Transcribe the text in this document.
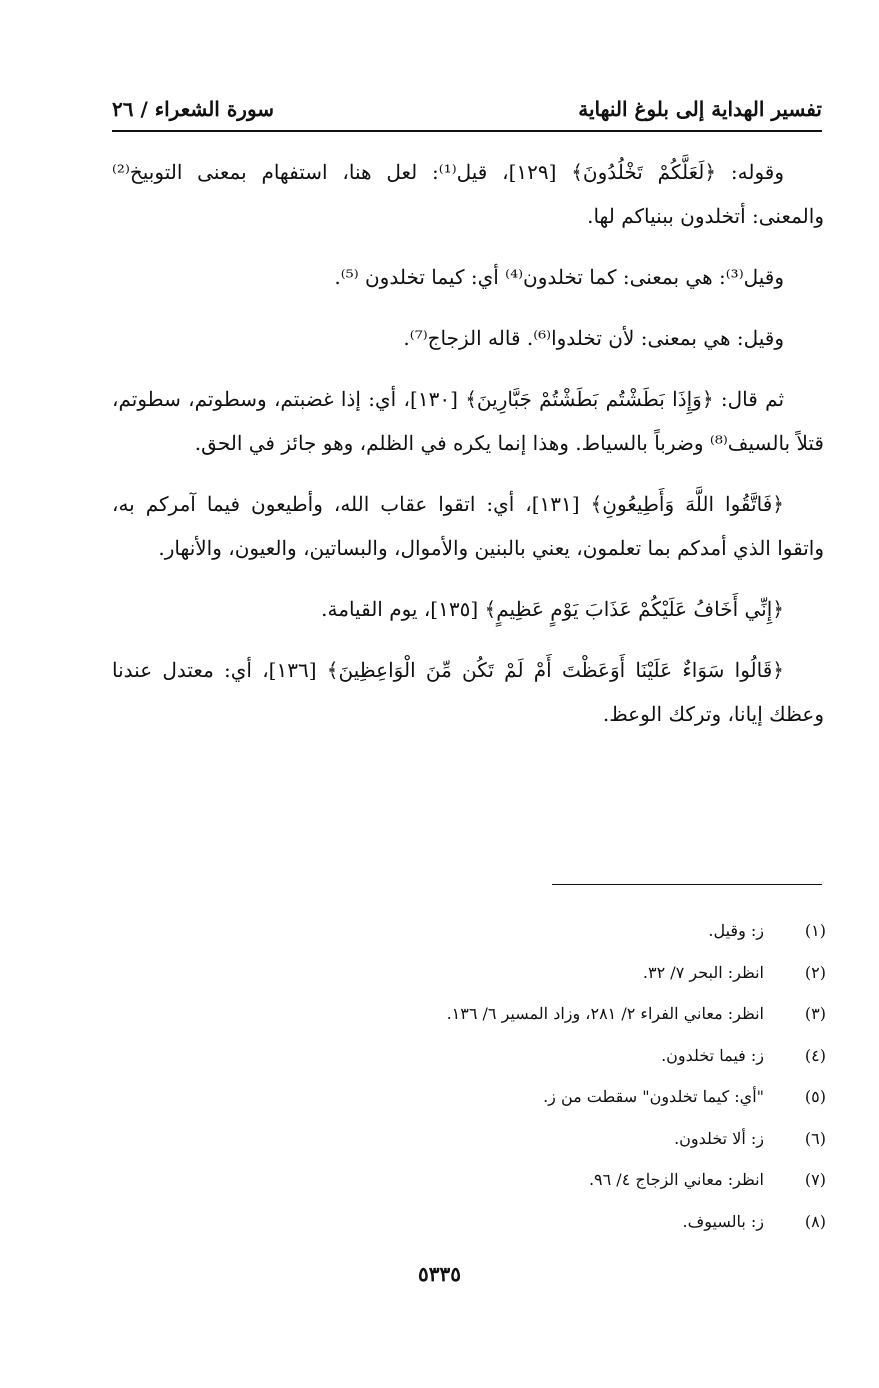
تفسير الهداية إلى بلوغ النهاية
سورة الشعراء / ٢٦

وقوله: ﴿لَعَلَّكُمْ تَخْلُدُونَ﴾ [١٢٩]، قيل⁽¹⁾: لعل هنا، استفهام بمعنى التوبيخ⁽²⁾ والمعنى: أتخلدون ببنياكم لها.

وقيل⁽³⁾: هي بمعنى: كما تخلدون⁽⁴⁾ أي: كيما تخلدون ⁽⁵⁾.

وقيل: هي بمعنى: لأن تخلدوا⁽⁶⁾. قاله الزجاج⁽⁷⁾.

ثم قال: ﴿وَإِذَا بَطَشْتُم بَطَشْتُمْ جَبَّارِينَ﴾ [١٣٠]، أي: إذا غضبتم، وسطوتم، سطوتم، قتلاً بالسيف⁽⁸⁾ وضرباً بالسياط. وهذا إنما يكره في الظلم، وهو جائز في الحق.

﴿فَاتَّقُوا اللَّهَ وَأَطِيعُونِ﴾ [١٣١]، أي: اتقوا عقاب الله، وأطيعون فيما آمركم به، واتقوا الذي أمدكم بما تعلمون، يعني بالبنين والأموال، والبساتين، والعيون، والأنهار.

﴿إِنِّي أَخَافُ عَلَيْكُمْ عَذَابَ يَوْمٍ عَظِيمٍ﴾ [١٣٥]، يوم القيامة.

﴿قَالُوا سَوَاءٌ عَلَيْنَا أَوَعَظْتَ أَمْ لَمْ تَكُن مِّنَ الْوَاعِظِينَ﴾ [١٣٦]، أي: معتدل عندنا وعظك إيانا، وتركك الوعظ.

(١)
ز: وقيل.
(٢)
انظر: البحر ٧/ ٣٢.
(٣)
انظر: معاني الفراء ٢/ ٢٨١، وزاد المسير ٦/ ١٣٦.
(٤)
ز: فيما تخلدون.
(٥)
"أي: كيما تخلدون" سقطت من ز.
(٦)
ز: ألا تخلدون.
(٧)
انظر: معاني الزجاج ٤/ ٩٦.
(٨)
ز: بالسيوف.
٥٣٣٥
